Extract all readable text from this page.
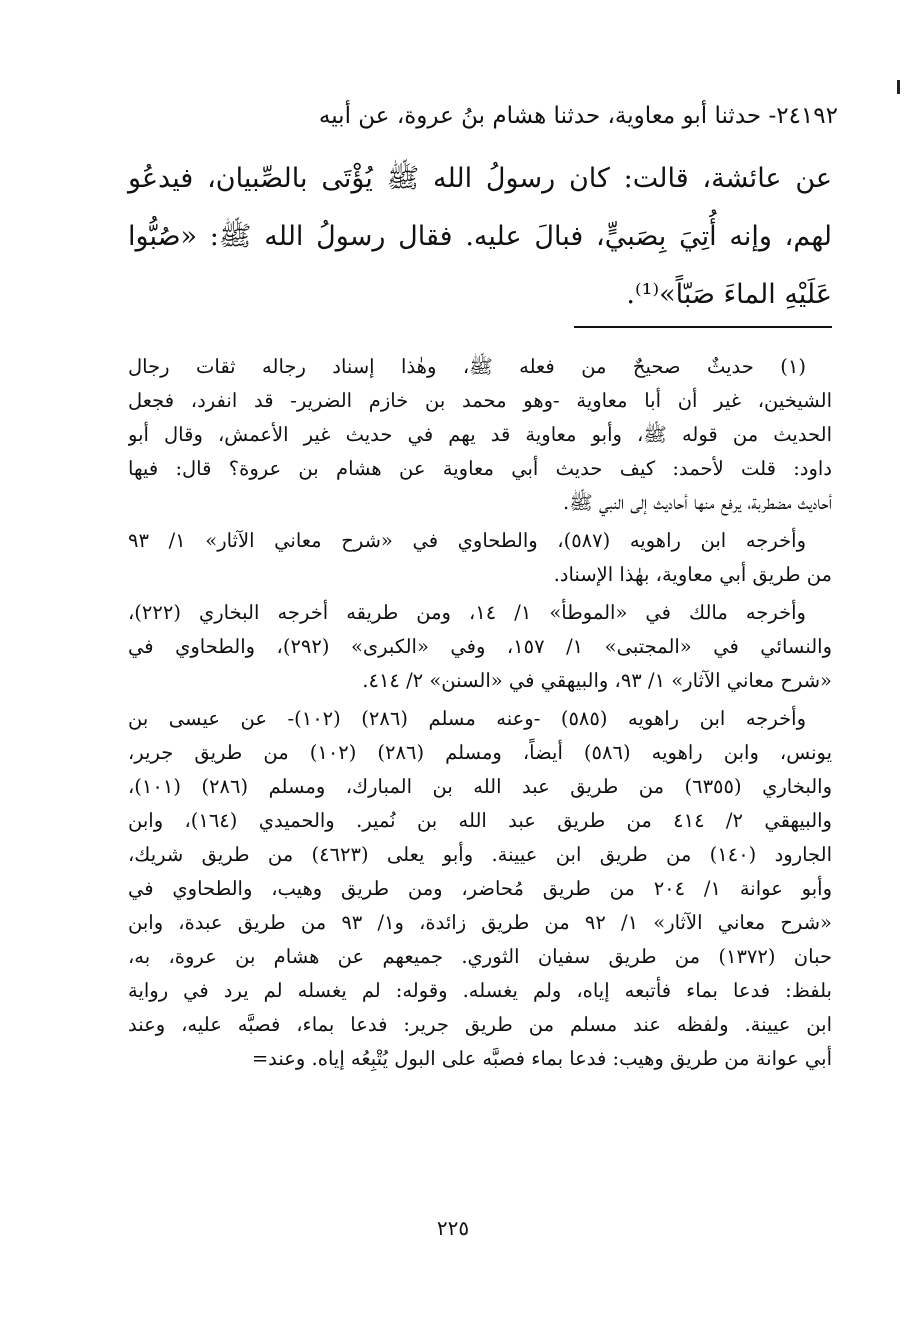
٢٤١٩٢- حدثنا أبو معاوية، حدثنا هشام بنُ عروة، عن أبيه
عن عائشة، قالت: كان رسولُ الله ﷺ يُؤْتَى بالصِّبيان، فيدعُو
لهم، وإنه أُتِيَ بِصَبيٍّ، فبالَ عليه. فقال رسولُ الله ﷺ: «صُبُّوا
عَلَيْهِ الماءَ صَبّاً»⁽¹⁾.
(١) حديثٌ صحيحٌ من فعله ﷺ، وهٰذا إسناد رجاله ثقات رجال
الشيخين، غير أن أبا معاوية -وهو محمد بن خازم الضرير- قد انفرد، فجعل
الحديث من قوله ﷺ، وأبو معاوية قد يهم في حديث غير الأعمش، وقال أبو
داود: قلت لأحمد: كيف حديث أبي معاوية عن هشام بن عروة؟ قال: فيها
أحاديث مضطربة، يرفع منها أحاديث إلى النبي ﷺ.
وأخرجه ابن راهويه (٥٨٧)، والطحاوي في «شرح معاني الآثار» ١/ ٩٣
من طريق أبي معاوية، بهٰذا الإسناد.
وأخرجه مالك في «الموطأ» ١/ ١٤، ومن طريقه أخرجه البخاري (٢٢٢)،
والنسائي في «المجتبى» ١/ ١٥٧، وفي «الكبرى» (٢٩٢)، والطحاوي في
«شرح معاني الآثار» ١/ ٩٣، والبيهقي في «السنن» ٢/ ٤١٤.
وأخرجه ابن راهويه (٥٨٥) -وعنه مسلم (٢٨٦) (١٠٢)- عن عيسى بن
يونس، وابن راهويه (٥٨٦) أيضاً، ومسلم (٢٨٦) (١٠٢) من طريق جرير،
والبخاري (٦٣٥٥) من طريق عبد الله بن المبارك، ومسلم (٢٨٦) (١٠١)،
والبيهقي ٢/ ٤١٤ من طريق عبد الله بن نُمير. والحميدي (١٦٤)، وابن
الجارود (١٤٠) من طريق ابن عيينة. وأبو يعلى (٤٦٢٣) من طريق شريك،
وأبو عوانة ١/ ٢٠٤ من طريق مُحاضر، ومن طريق وهيب، والطحاوي في
«شرح معاني الآثار» ١/ ٩٢ من طريق زائدة، و١/ ٩٣ من طريق عبدة، وابن
حبان (١٣٧٢) من طريق سفيان الثوري. جميعهم عن هشام بن عروة، به،
بلفظ: فدعا بماء فأتبعه إياه، ولم يغسله. وقوله: لم يغسله لم يرد في رواية
ابن عيينة. ولفظه عند مسلم من طريق جرير: فدعا بماء، فصبَّه عليه، وعند
أبي عوانة من طريق وهيب: فدعا بماء فصبَّه على البول يُتْبِعُه إياه. وعند=
٢٢٥
